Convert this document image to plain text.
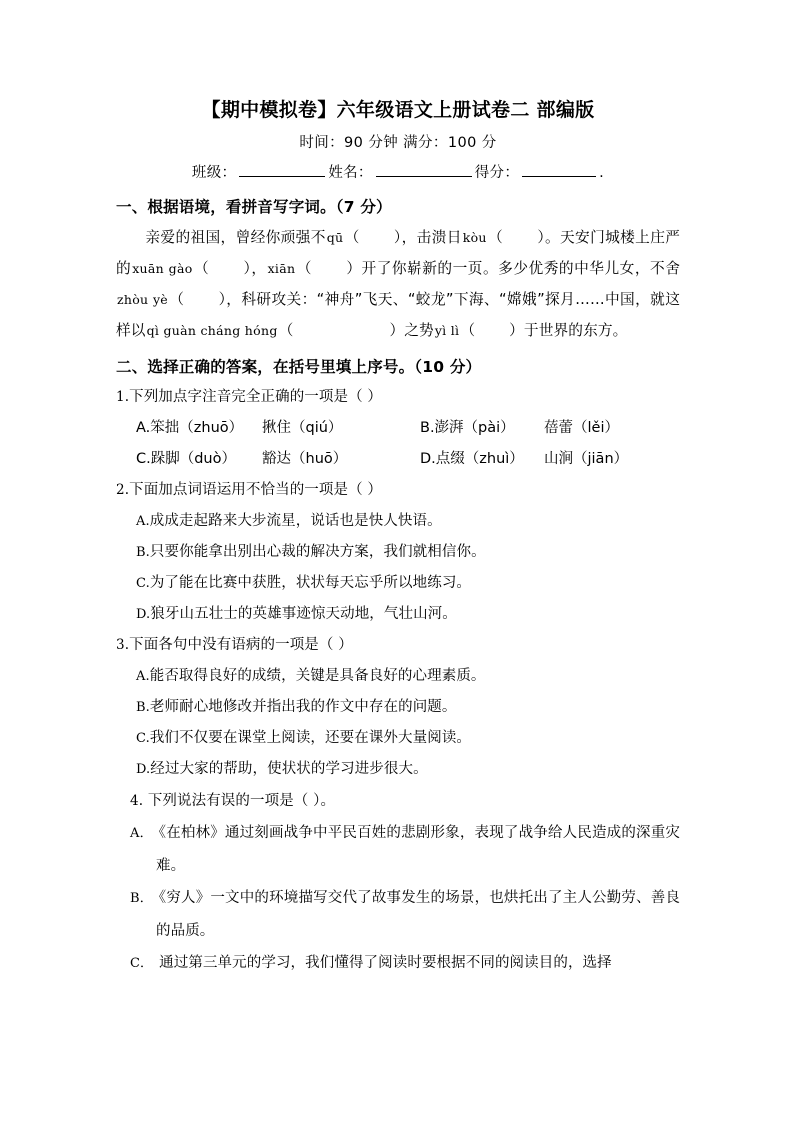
【期中模拟卷】六年级语文上册试卷二 部编版
时间：90 分钟 满分：100 分
班级：	姓名：	得分：	.
一、根据语境，看拼音写字词。（7 分）

亲爱的祖国，曾经你顽强不qū（ ），击溃日kòu（ ）。天安门城楼上庄严的xuān gào（ ），xiān（ ）开了你崭新的一页。多少优秀的中华儿女，不舍zhòu yè（ ），科研攻关：“神舟”飞天、“蛟龙”下海、“嫦娥”探月……中国，就这样以qì guàn cháng hóng（	）之势yì lì（ ）于世界的东方。

二、选择正确的答案，在括号里填上序号。（10 分）

1.下列加点字注音完全正确的一项是（ ）

A.笨拙（zhuō） 揪住（qiú）	B.澎湃（pài） 蓓蕾（lěi）

C.跺脚（duò） 豁达（huō）	D.点缀（zhuì） 山涧（jiān）

2.下面加点词语运用不恰当的一项是（ ）

A.成成走起路来大步流星，说话也是快人快语。

B.只要你能拿出别出心裁的解决方案，我们就相信你。

C.为了能在比赛中获胜，状状每天忘乎所以地练习。

D.狼牙山五壮士的英雄事迹惊天动地，气壮山河。

3.下面各句中没有语病的一项是（ ）

A.能否取得良好的成绩，关键是具备良好的心理素质。

B.老师耐心地修改并指出我的作文中存在的问题。

C.我们不仅要在课堂上阅读，还要在课外大量阅读。

D.经过大家的帮助，使状状的学习进步很大。

4. 下列说法有误的一项是（ ）。

A． 《在柏林》通过刻画战争中平民百姓的悲剧形象，表现了战争给人民造成的深重灾难。

B． 《穷人》一文中的环境描写交代了故事发生的场景，也烘托出了主人公勤劳、善良的品质。

C． 通过第三单元的学习，我们懂得了阅读时要根据不同的阅读目的，选择
